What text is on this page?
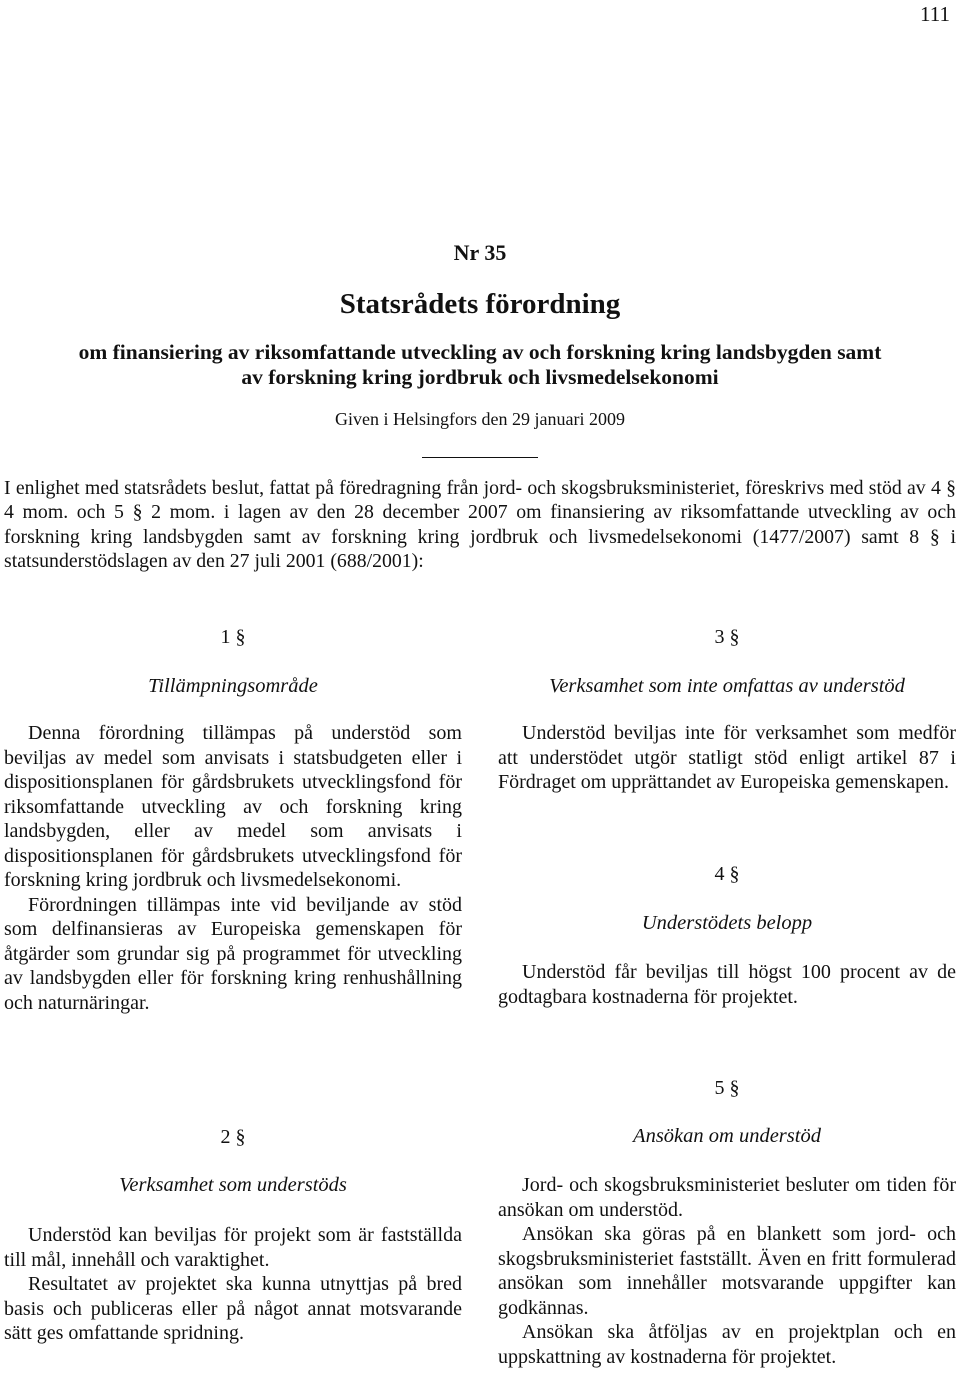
111
Nr 35
Statsrådets förordning
om finansiering av riksomfattande utveckling av och forskning kring landsbygden samt
av forskning kring jordbruk och livsmedelsekonomi
Given i Helsingfors den 29 januari 2009

I enlighet med statsrådets beslut, fattat på föredragning från jord- och skogsbruksministeriet, föreskrivs med stöd av 4 § 4 mom. och 5 § 2 mom. i lagen av den 28 december 2007 om finansiering av riksomfattande utveckling av och forskning kring landsbygden samt av forskning kring jordbruk och livsmedelsekonomi (1477/2007) samt 8 § i statsunderstödslagen av den 27 juli 2001 (688/2001):

1 §
Tillämpningsområde

Denna förordning tillämpas på understöd som beviljas av medel som anvisats i statsbudgeten eller i dispositionsplanen för gårdsbrukets utvecklingsfond för riksomfattande utveckling av och forskning kring landsbygden, eller av medel som anvisats i dispositionsplanen för gårdsbrukets utvecklingsfond för forskning kring jordbruk och livsmedelsekonomi.

Förordningen tillämpas inte vid beviljande av stöd som delfinansieras av Europeiska gemenskapen för åtgärder som grundar sig på programmet för utveckling av landsbygden eller för forskning kring renhushållning och naturnäringar.

2 §
Verksamhet som understöds

Understöd kan beviljas för projekt som är fastställda till mål, innehåll och varaktighet.

Resultatet av projektet ska kunna utnyttjas på bred basis och publiceras eller på något annat motsvarande sätt ges omfattande spridning.

3 §
Verksamhet som inte omfattas av understöd

Understöd beviljas inte för verksamhet som medför att understödet utgör statligt stöd enligt artikel 87 i Fördraget om upprättandet av Europeiska gemenskapen.

4 §
Understödets belopp

Understöd får beviljas till högst 100 procent av de godtagbara kostnaderna för projektet.

5 §
Ansökan om understöd

Jord- och skogsbruksministeriet besluter om tiden för ansökan om understöd.

Ansökan ska göras på en blankett som jord- och skogsbruksministeriet fastställt. Även en fritt formulerad ansökan som innehåller motsvarande uppgifter kan godkännas.

Ansökan ska åtföljas av en projektplan och en uppskattning av kostnaderna för projektet.
